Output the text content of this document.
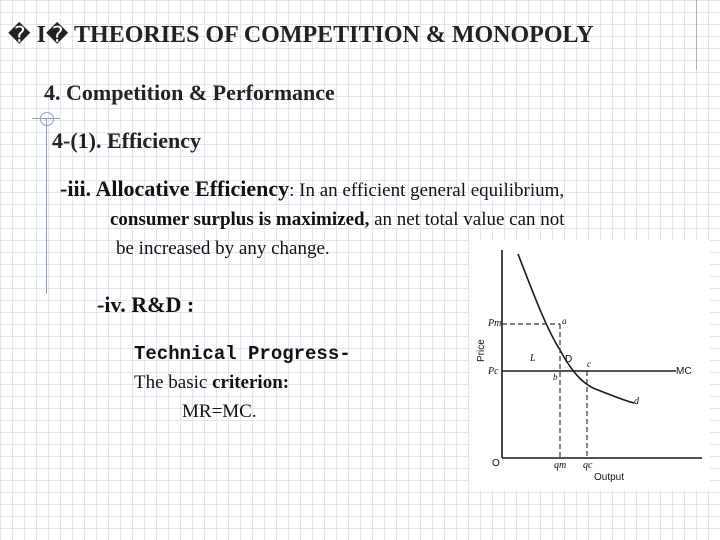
� I� THEORIES OF COMPETITION & MONOPOLY
4. Competition & Performance
4-(1). Efficiency
-iii. Allocative Efficiency: In an efficient general equilibrium,
consumer surplus is maximized, an net total value can not
be increased by any change.
-iv. R&D :
Technical Progress-
The basic criterion:
MR=MC.
Price
Output
O
Pm
Pc
qm qc
MC
d
L	D
a
b
c
